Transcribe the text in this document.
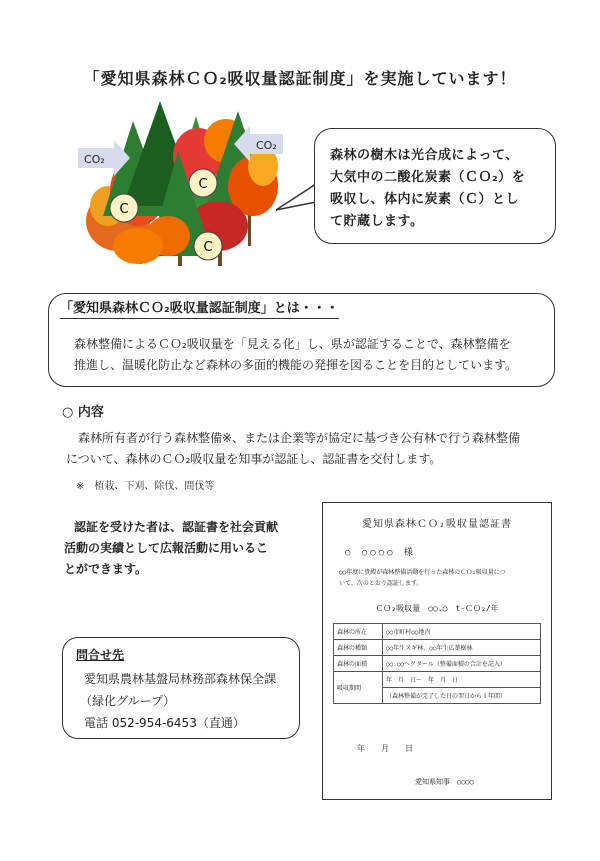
「愛知県森林ＣＯ₂吸収量認証制度」を実施しています！
CO₂
CO₂
C
C
C
森林の樹木は光合成によって、
大気中の二酸化炭素（ＣＯ₂）を
吸収し、体内に炭素（Ｃ）とし
て貯蔵します。
「愛知県森林ＣＯ₂吸収量認証制度」とは・・・

森林整備によるＣＯ₂吸収量を「見える化」し、県が認証することで、森林整備を

推進し、温暖化防止など森林の多面的機能の発揮を図ることを目的としています。

○ 内容

森林所有者が行う森林整備※、または企業等が協定に基づき公有林で行う森林整備

について、森林のＣＯ₂吸収量を知事が認証し、認証書を交付します。

※　植栽、下刈、除伐、間伐等

認証を受けた者は、認証書を社会貢献

活動の実績として広報活動に用いるこ

とができます。

問合せ先
愛知県農林基盤局林務部森林保全課
（緑化グループ）
電話 052-954-6453（直通）
愛知県森林ＣＯ₂吸収量認証書
○ ○○○○ 様

○○年度に貴殿が森林整備活動を行った森林のＣＯ₂吸収量につ

いて、次のとおり認証します。

ＣＯ₂吸収量　○○.○　t-ＣＯ₂/年
森林の所在	○○市町村○○地内
森林の種類	○○年生スギ林、○○年生広葉樹林
森林の面積	○○.○○ヘクタール（整備面積の合計を記入）
吸収期間	年　月　日～　年　月　日
	（森林整備が完了した日の翌日から１年間）
年　　月　　日
愛知県知事　○○○○
